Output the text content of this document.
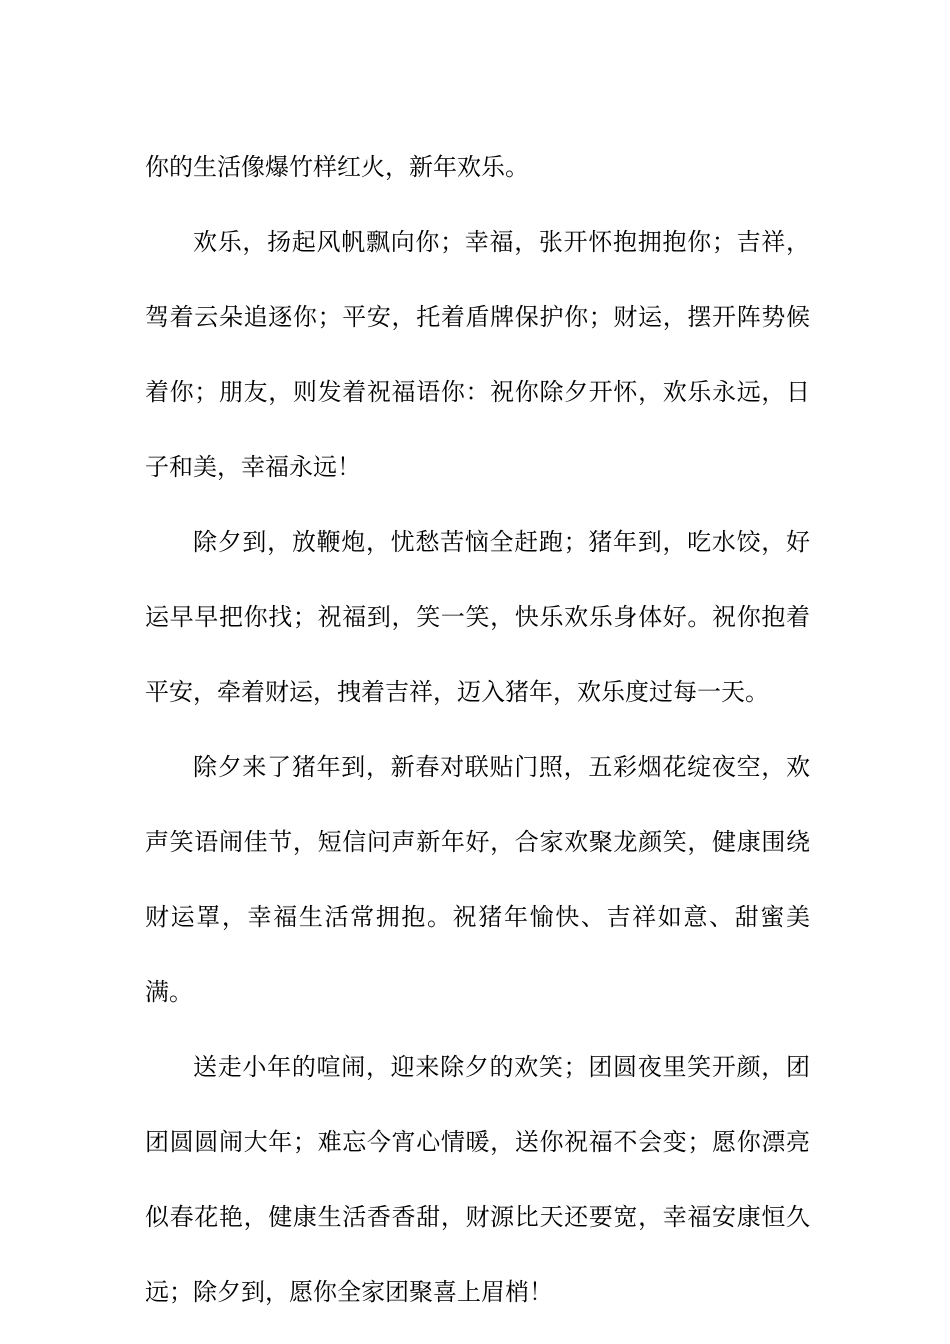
你的生活像爆竹样红火，新年欢乐。

欢乐，扬起风帆飘向你；幸福，张开怀抱拥抱你；吉祥，驾着云朵追逐你；平安，托着盾牌保护你；财运，摆开阵势候着你；朋友，则发着祝福语你：祝你除夕开怀，欢乐永远，日子和美，幸福永远！

除夕到，放鞭炮，忧愁苦恼全赶跑；猪年到，吃水饺，好运早早把你找；祝福到，笑一笑，快乐欢乐身体好。祝你抱着平安，牵着财运，拽着吉祥，迈入猪年，欢乐度过每一天。

除夕来了猪年到，新春对联贴门照，五彩烟花绽夜空，欢声笑语闹佳节，短信问声新年好，合家欢聚龙颜笑，健康围绕财运罩，幸福生活常拥抱。祝猪年愉快、吉祥如意、甜蜜美满。

送走小年的喧闹，迎来除夕的欢笑；团圆夜里笑开颜，团团圆圆闹大年；难忘今宵心情暖，送你祝福不会变；愿你漂亮似春花艳，健康生活香香甜，财源比天还要宽，幸福安康恒久远；除夕到，愿你全家团聚喜上眉梢！
